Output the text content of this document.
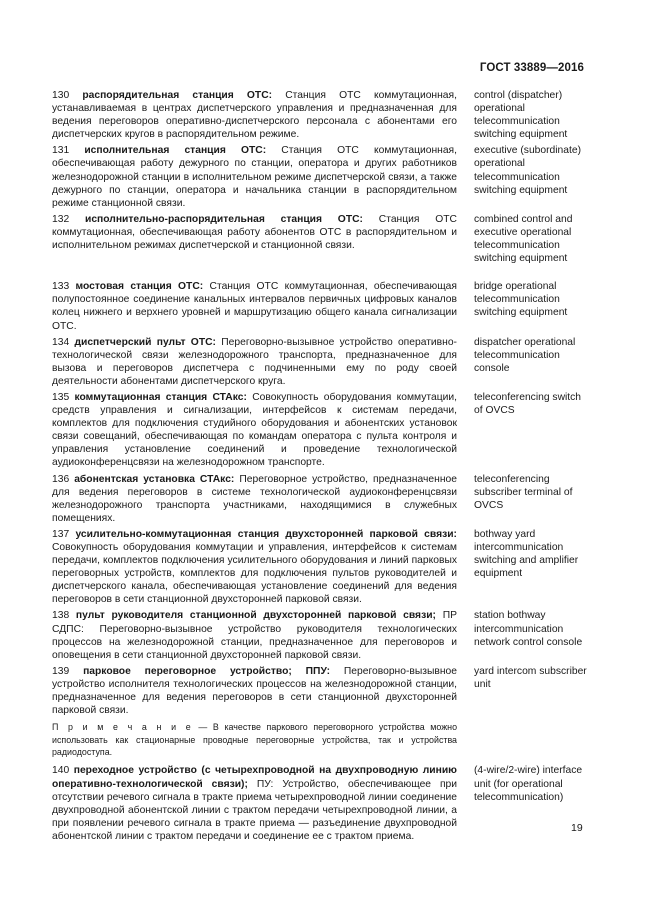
ГОСТ 33889—2016
130 распорядительная станция ОТС: Станция ОТС коммутационная, устанавливаемая в центрах диспетчерского управления и предназначенная для ведения переговоров оперативно-диспетчерского персонала с абонентами его диспетчерских кругов в распорядительном режиме.
control (dispatcher) operational telecommunication switching equipment
131 исполнительная станция ОТС: Станция ОТС коммутационная, обеспечивающая работу дежурного по станции, оператора и других работников железнодорожной станции в исполнительном режиме диспетчерской связи, а также дежурного по станции, оператора и начальника станции в распорядительном режиме станционной связи.
executive (subordinate) operational telecommunication switching equipment
132 исполнительно-распорядительная станция ОТС: Станция ОТС коммутационная, обеспечивающая работу абонентов ОТС в распорядительном и исполнительном режимах диспетчерской и станционной связи.
combined control and executive operational telecommunication switching equipment
133 мостовая станция ОТС: Станция ОТС коммутационная, обеспечивающая полупостоянное соединение канальных интервалов первичных цифровых каналов колец нижнего и верхнего уровней и маршрутизацию общего канала сигнализации ОТС.
bridge operational telecommunication switching equipment
134 диспетчерский пульт ОТС: Переговорно-вызывное устройство оперативно-технологической связи железнодорожного транспорта, предназначенное для вызова и переговоров диспетчера с подчиненными ему по роду своей деятельности абонентами диспетчерского круга.
dispatcher operational telecommunication console
135 коммутационная станция СТАкс: Совокупность оборудования коммутации, средств управления и сигнализации, интерфейсов к системам передачи, комплектов для подключения студийного оборудования и абонентских установок связи совещаний, обеспечивающая по командам оператора с пульта контроля и управления установление соединений и проведение технологической аудиоконференцсвязи на железнодорожном транспорте.
teleconferencing switch of OVCS
136 абонентская установка СТАкс: Переговорное устройство, предназначенное для ведения переговоров в системе технологической аудиоконференцсвязи железнодорожного транспорта участниками, находящимися в служебных помещениях.
teleconferencing subscriber terminal of OVCS
137 усилительно-коммутационная станция двухсторонней парковой связи: Совокупность оборудования коммутации и управления, интерфейсов к системам передачи, комплектов подключения усилительного оборудования и линий парковых переговорных устройств, комплектов для подключения пультов руководителей и диспетчерского канала, обеспечивающая установление соединений для ведения переговоров в сети станционной двухсторонней парковой связи.
bothway yard intercommunication switching and amplifier equipment
138 пульт руководителя станционной двухсторонней парковой связи; ПР СДПС: Переговорно-вызывное устройство руководителя технологических процессов на железнодорожной станции, предназначенное для переговоров и оповещения в сети станционной двухсторонней парковой связи.
station bothway intercommunication network control console
139 парковое переговорное устройство; ППУ: Переговорно-вызывное устройство исполнителя технологических процессов на железнодорожной станции, предназначенное для ведения переговоров в сети станционной двухсторонней парковой связи.
yard intercom subscriber unit
П р и м е ч а н и е — В качестве паркового переговорного устройства можно использовать как стационарные проводные переговорные устройства, так и устройства радиодоступа.
140 переходное устройство (с четырехпроводной на двухпроводную линию оперативно-технологической связи); ПУ: Устройство, обеспечивающее при отсутствии речевого сигнала в тракте приема четырехпроводной линии соединение двухпроводной абонентской линии с трактом передачи четырехпроводной линии, а при появлении речевого сигнала в тракте приема — разъединение двухпроводной абонентской линии с трактом передачи и соединение ее с трактом приема.
(4-wire/2-wire) interface unit (for operational telecommunication)
19
